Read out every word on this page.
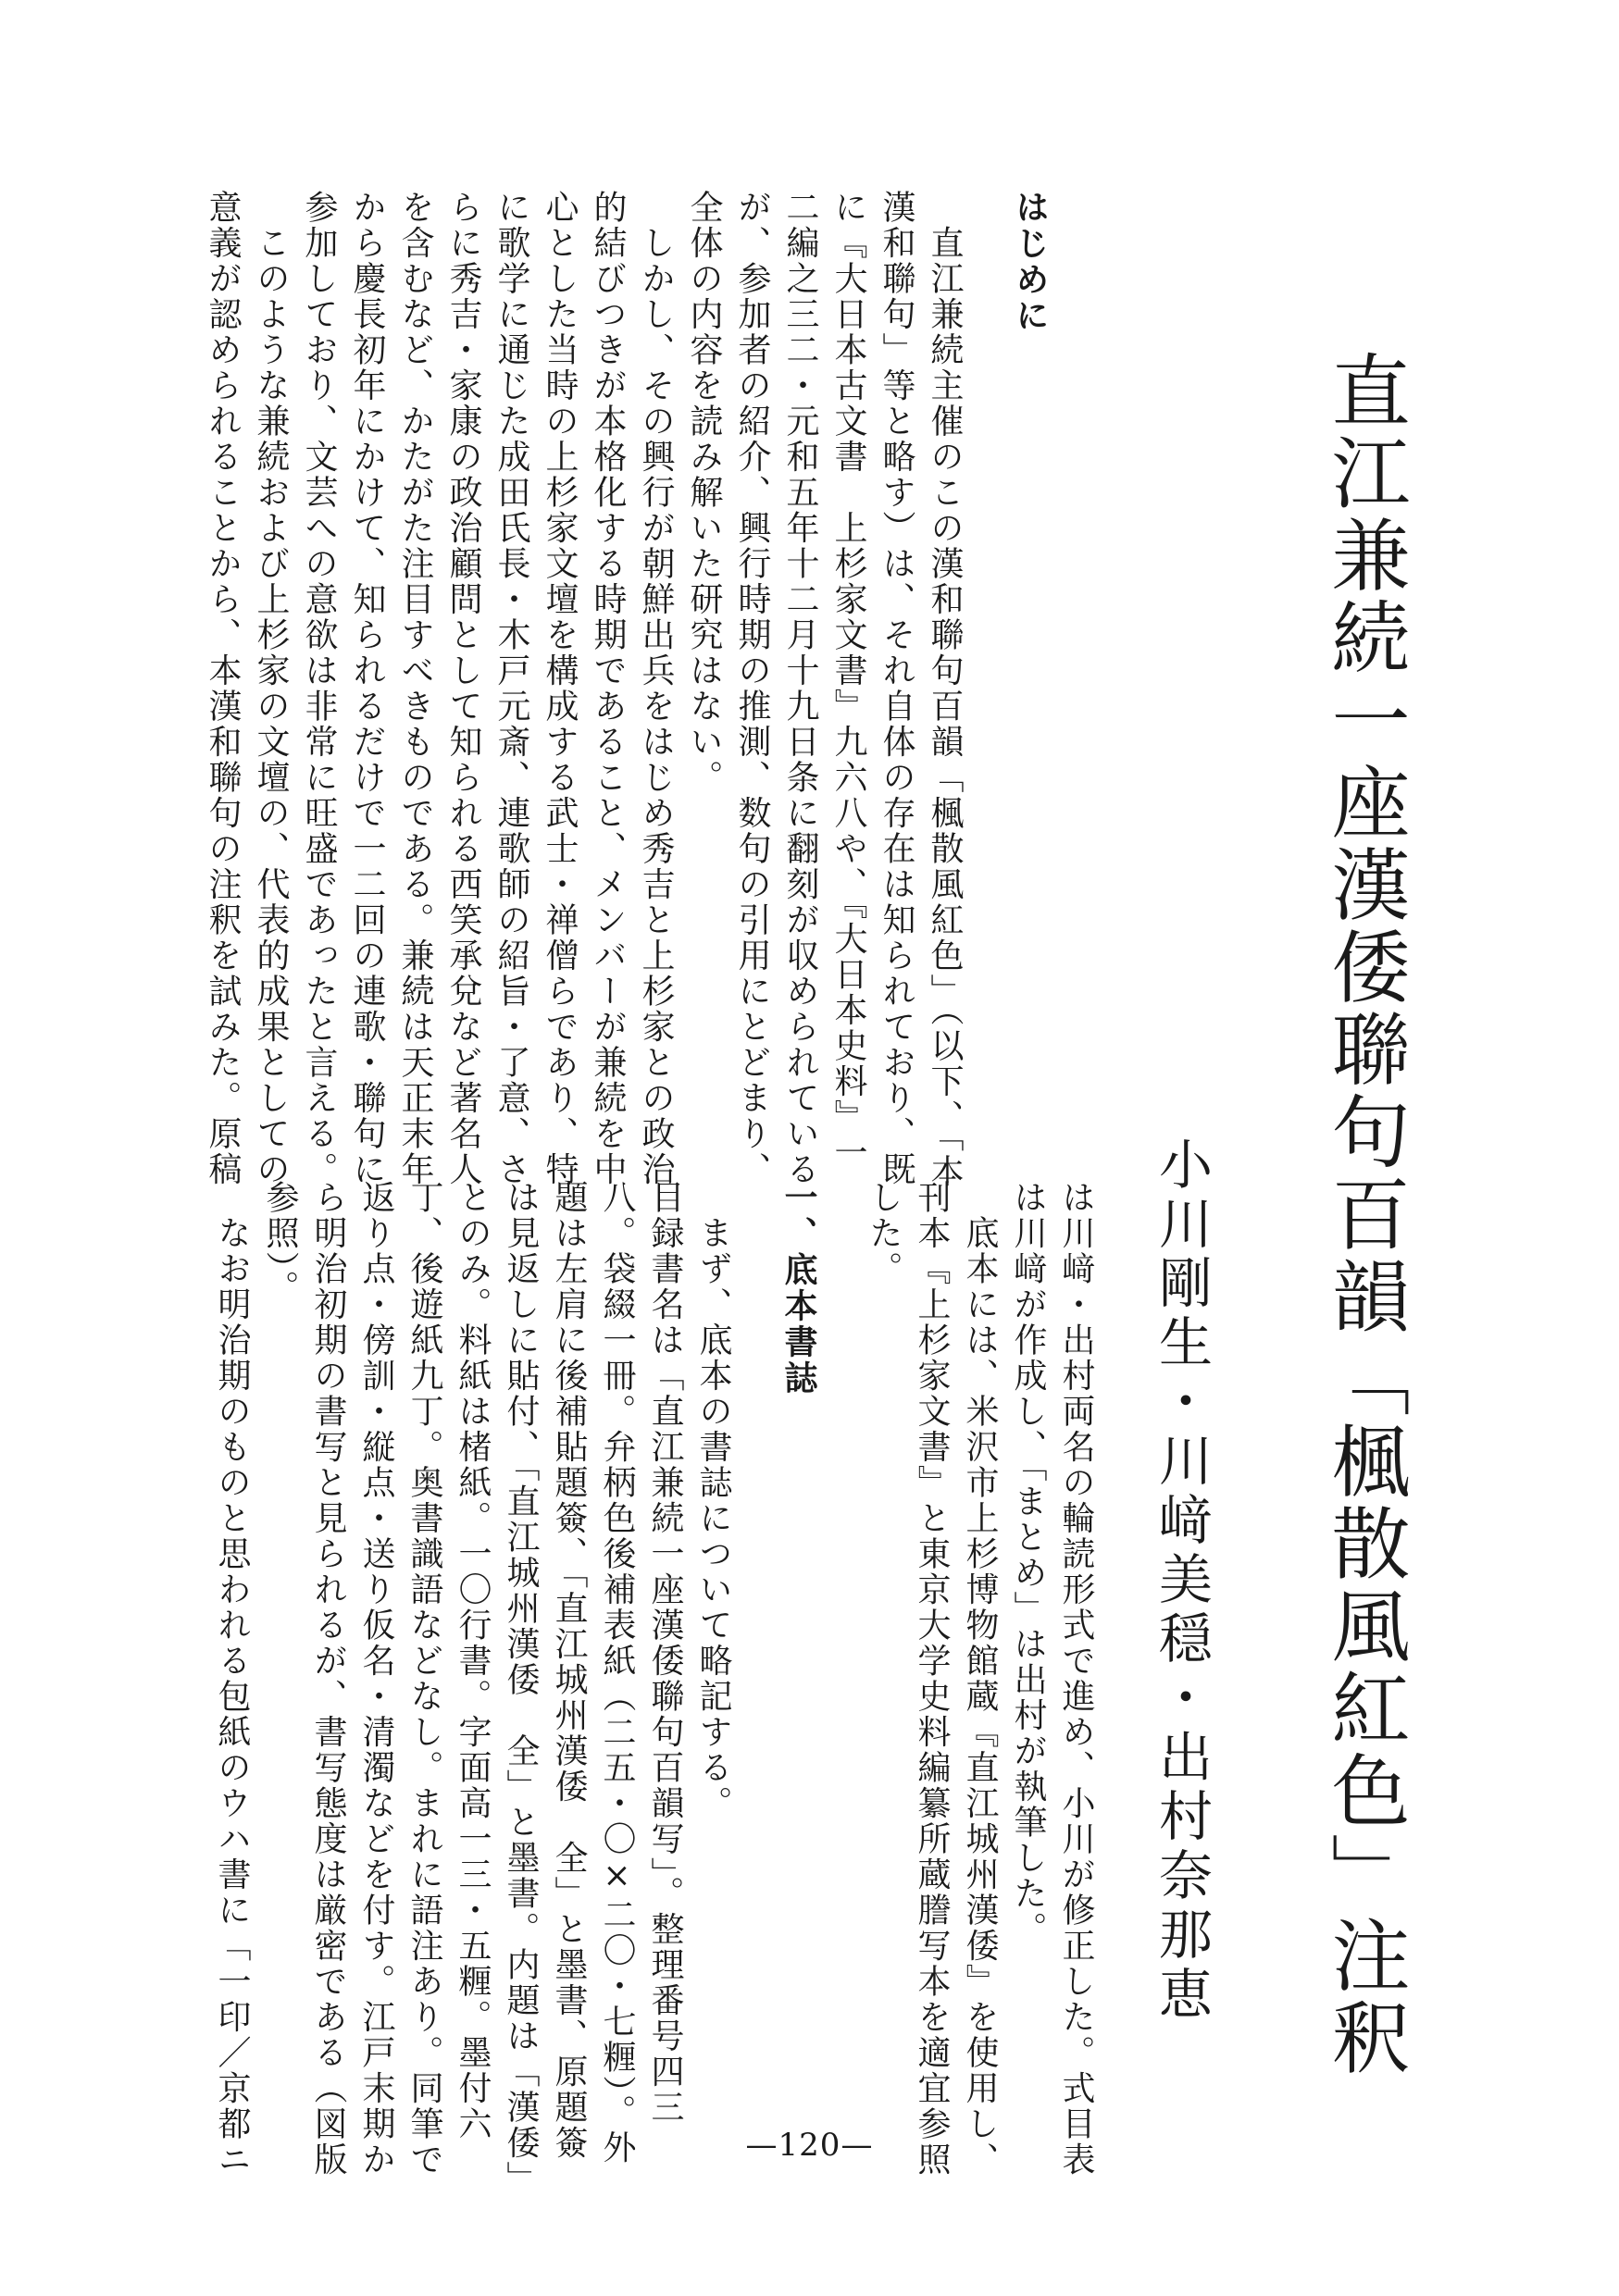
直江兼続一座漢倭聯句百韻「楓散風紅色」注釈
小川剛生・川﨑美穏・出村奈那恵
はじめに
　直江兼続主催のこの漢和聯句百韻「楓散風紅色」（以下、「本
漢和聯句」等と略す）は、それ自体の存在は知られており、既
に『大日本古文書　上杉家文書』九六八や、『大日本史料』一
二編之三二・元和五年十二月十九日条に翻刻が収められている
が、参加者の紹介、興行時期の推測、数句の引用にとどまり、
全体の内容を読み解いた研究はない。
　しかし、その興行が朝鮮出兵をはじめ秀吉と上杉家との政治
的結びつきが本格化する時期であること、メンバーが兼続を中
心とした当時の上杉家文壇を構成する武士・禅僧らであり、特
に歌学に通じた成田氏長・木戸元斎、連歌師の紹旨・了意、さ
らに秀吉・家康の政治顧問として知られる西笑承兌など著名人
を含むなど、かたがた注目すべきものである。兼続は天正末年
から慶長初年にかけて、知られるだけで一二回の連歌・聯句に
参加しており、文芸への意欲は非常に旺盛であったと言える。
　このような兼続および上杉家の文壇の、代表的成果としての
意義が認められることから、本漢和聯句の注釈を試みた。原稿
は川﨑・出村両名の輪読形式で進め、小川が修正した。式目表
は川﨑が作成し、「まとめ」は出村が執筆した。
　底本には、米沢市上杉博物館蔵『直江城州漢倭』を使用し、
刊本『上杉家文書』と東京大学史料編纂所蔵謄写本を適宜参照
した。
一、底本書誌
　まず、底本の書誌について略記する。
目録書名は「直江兼続一座漢倭聯句百韻写」。整理番号四三
八。袋綴一冊。弁柄色後補表紙（二五・〇×二〇・七糎）。外
題は左肩に後補貼題簽、「直江城州漢倭　全」と墨書、原題簽
は見返しに貼付、「直江城州漢倭　全」と墨書。内題は「漢倭」
とのみ。料紙は楮紙。一〇行書。字面高一三・五糎。墨付六
丁、後遊紙九丁。奥書識語などなし。まれに語注あり。同筆で
返り点・傍訓・縦点・送り仮名・清濁などを付す。江戸末期か
ら明治初期の書写と見られるが、書写態度は厳密である（図版
参照）。
　なお明治期のものと思われる包紙のウハ書に「一印／京都ニ	—120—
